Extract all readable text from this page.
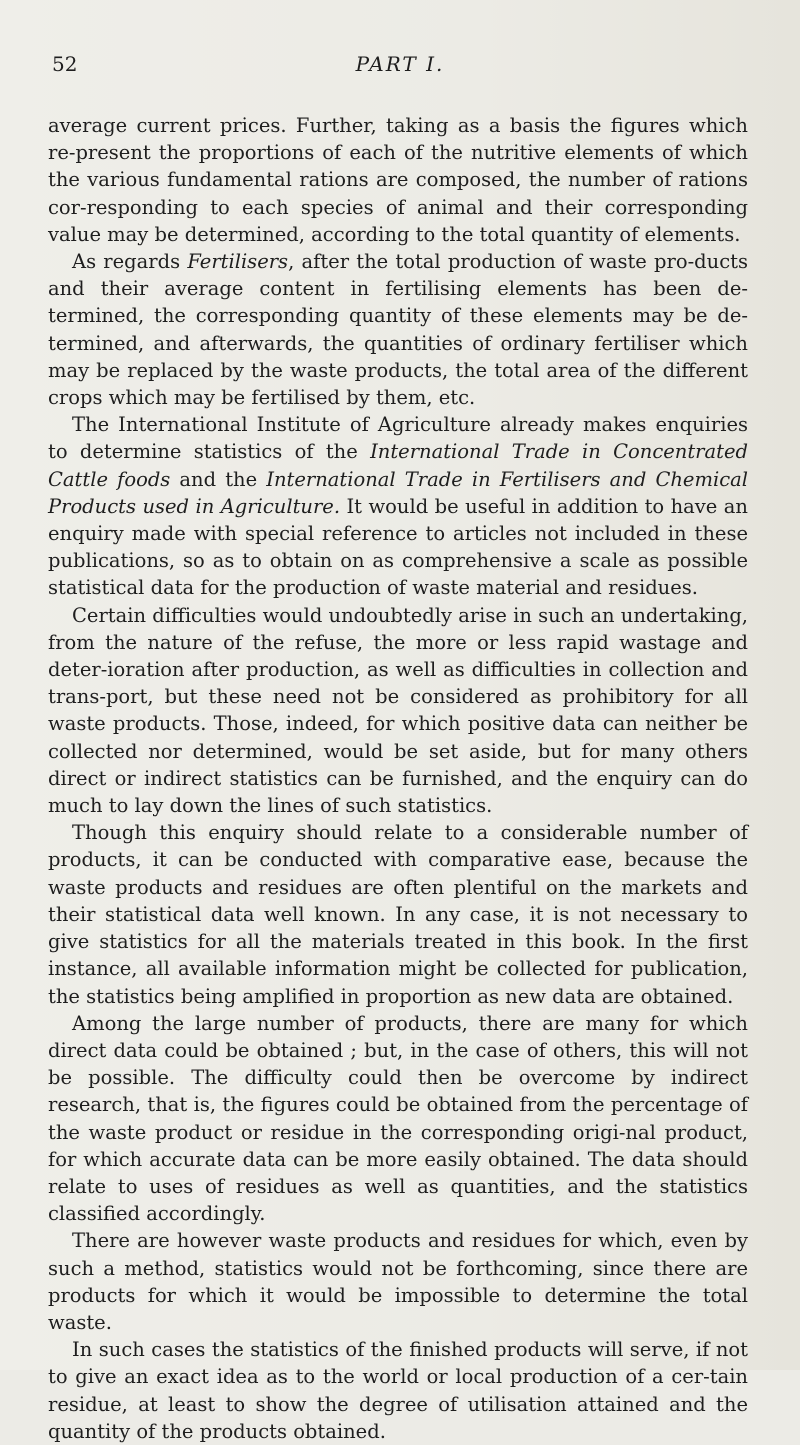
52	PART I.

average current prices. Further, taking as a basis the figures which re-present the proportions of each of the nutritive elements of which the various fundamental rations are composed, the number of rations cor-responding to each species of animal and their corresponding value may be determined, according to the total quantity of elements.

As regards Fertilisers, after the total production of waste pro-ducts and their average content in fertilising elements has been de-termined, the corresponding quantity of these elements may be de-termined, and afterwards, the quantities of ordinary fertiliser which may be replaced by the waste products, the total area of the different crops which may be fertilised by them, etc.

The International Institute of Agriculture already makes enquiries to determine statistics of the International Trade in Concentrated Cattle foods and the International Trade in Fertilisers and Chemical Products used in Agriculture. It would be useful in addition to have an enquiry made with special reference to articles not included in these publications, so as to obtain on as comprehensive a scale as possible statistical data for the production of waste material and residues.

Certain difficulties would undoubtedly arise in such an undertaking, from the nature of the refuse, the more or less rapid wastage and deter-ioration after production, as well as difficulties in collection and trans-port, but these need not be considered as prohibitory for all waste products. Those, indeed, for which positive data can neither be collected nor determined, would be set aside, but for many others direct or indirect statistics can be furnished, and the enquiry can do much to lay down the lines of such statistics.

Though this enquiry should relate to a considerable number of products, it can be conducted with comparative ease, because the waste products and residues are often plentiful on the markets and their statistical data well known. In any case, it is not necessary to give statistics for all the materials treated in this book. In the first instance, all available information might be collected for publication, the statistics being amplified in proportion as new data are obtained.

Among the large number of products, there are many for which direct data could be obtained ; but, in the case of others, this will not be possible. The difficulty could then be overcome by indirect research, that is, the figures could be obtained from the percentage of the waste product or residue in the corresponding origi-nal product, for which accurate data can be more easily obtained. The data should relate to uses of residues as well as quantities, and the statistics classified accordingly.

There are however waste products and residues for which, even by such a method, statistics would not be forthcoming, since there are products for which it would be impossible to determine the total waste.

In such cases the statistics of the finished products will serve, if not to give an exact idea as to the world or local production of a cer-tain residue, at least to show the degree of utilisation attained and the quantity of the products obtained.
